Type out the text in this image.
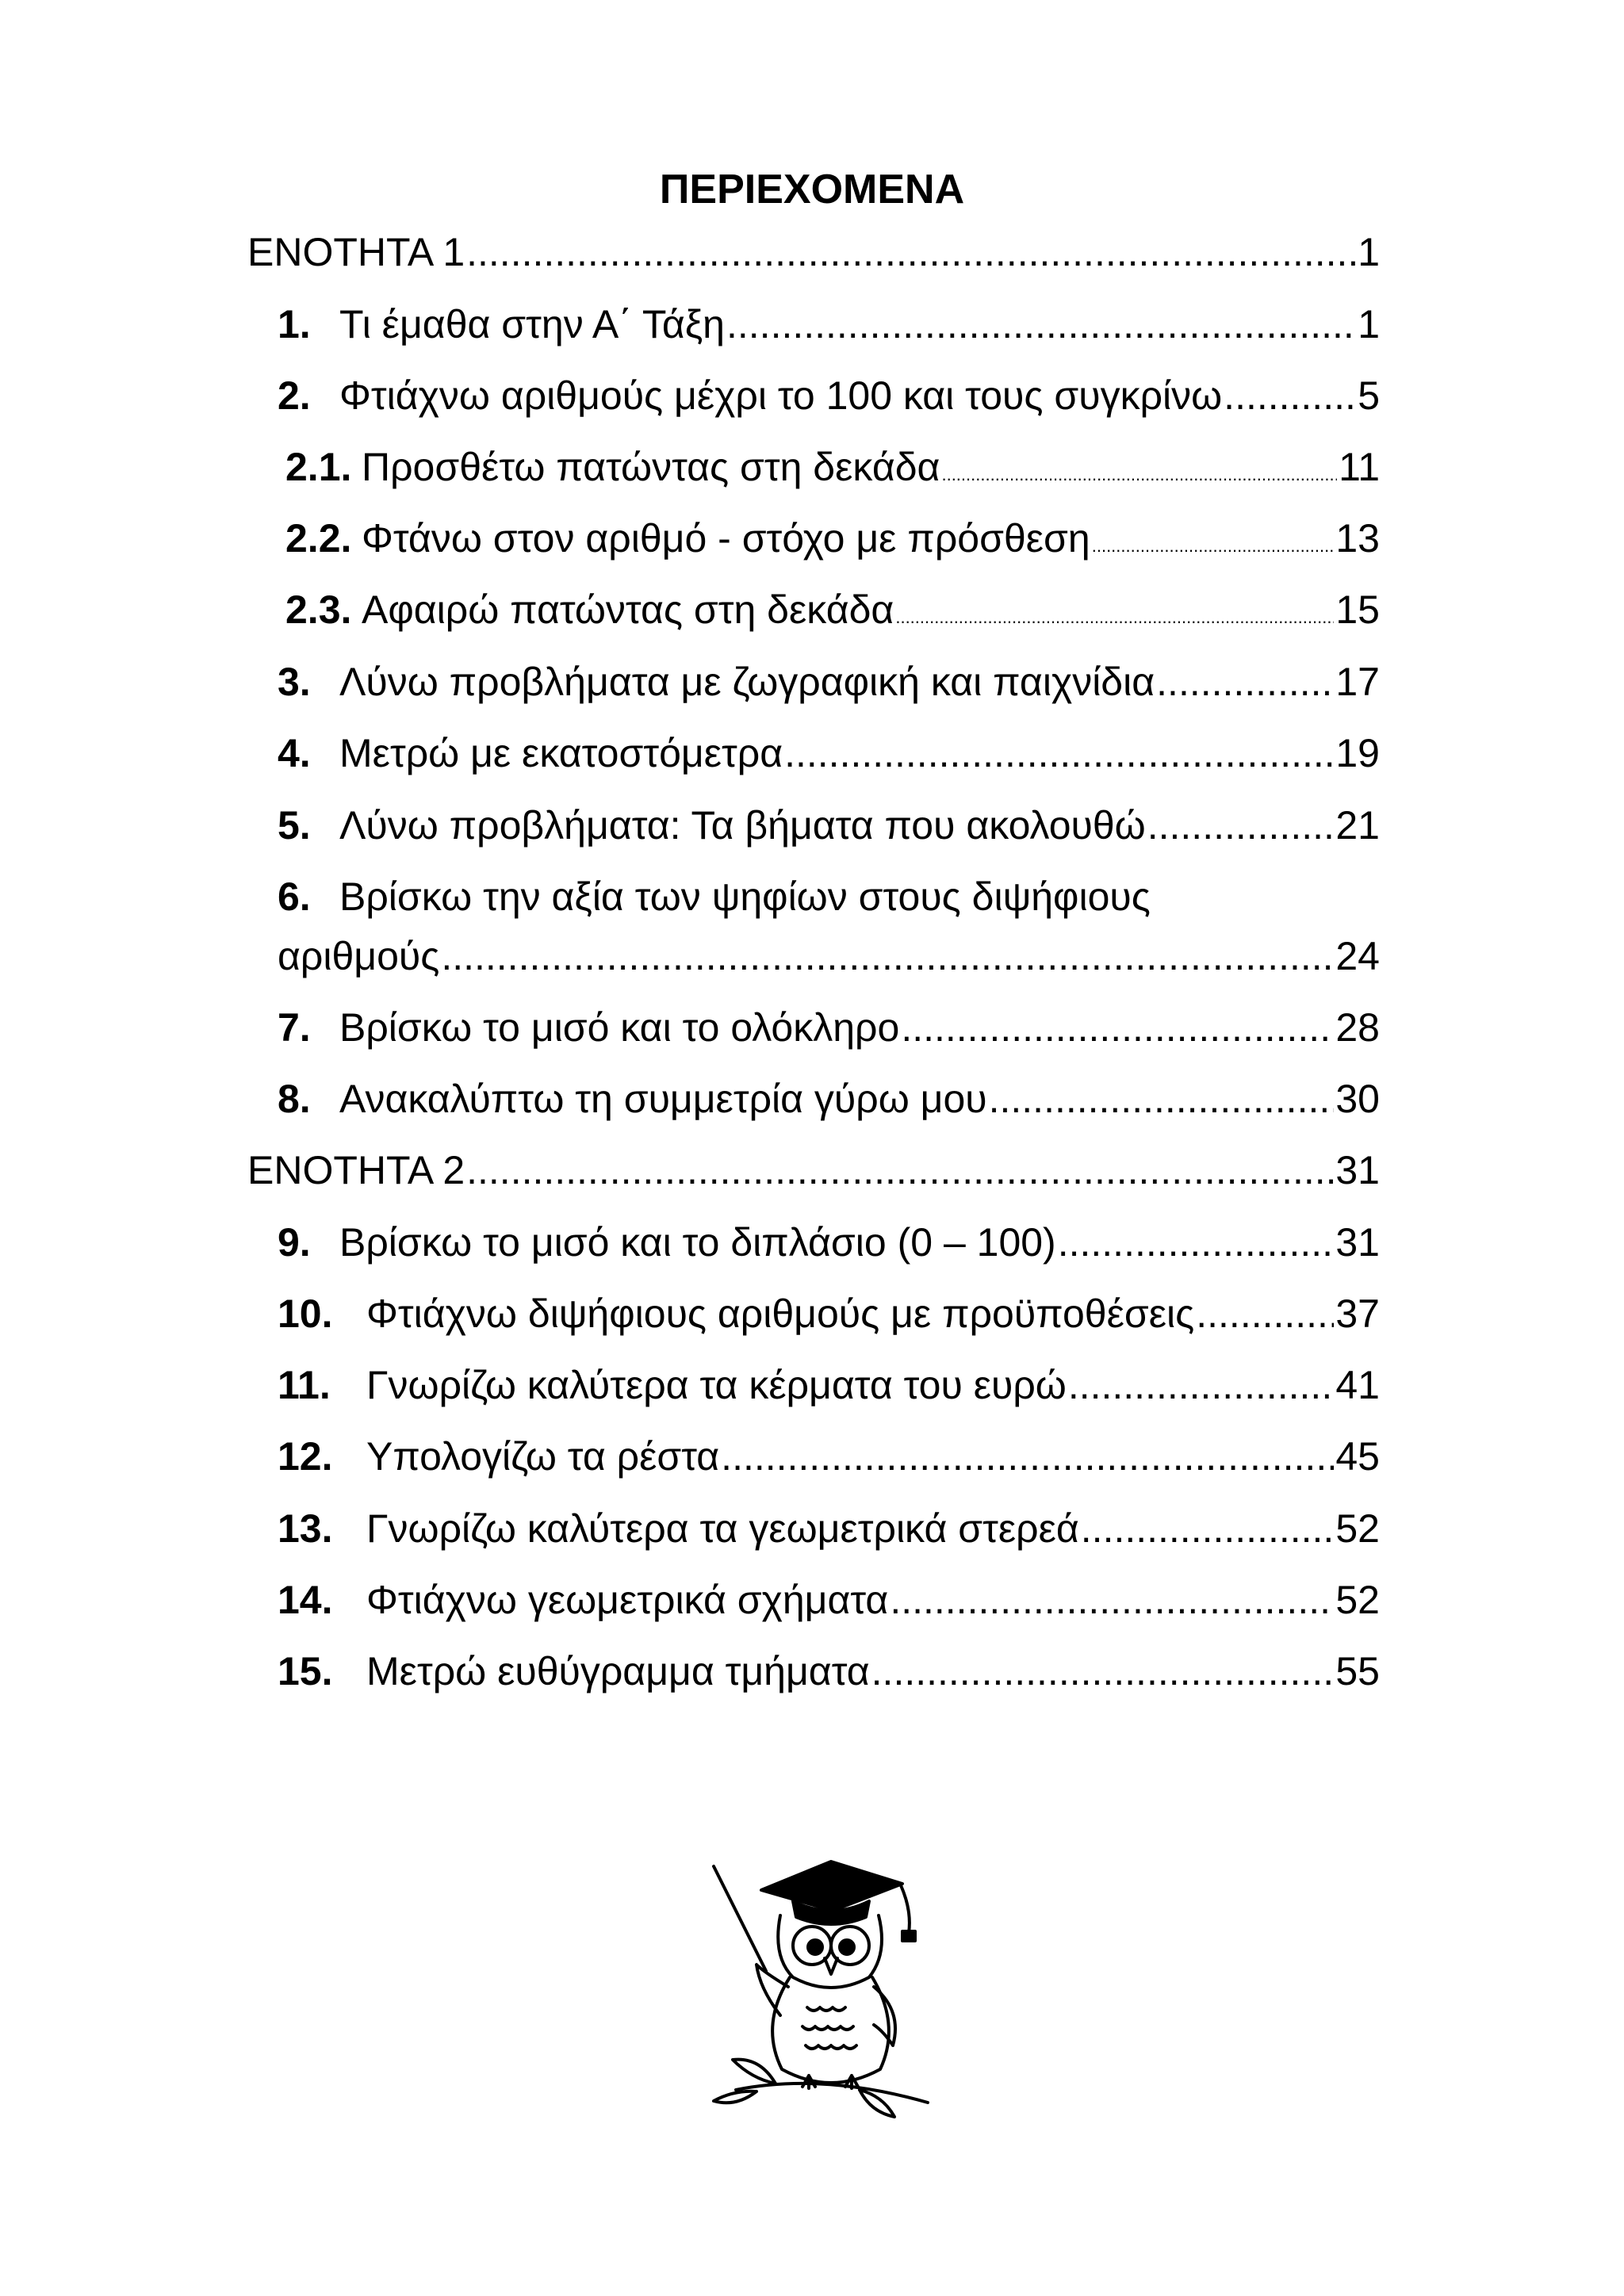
ΠΕΡΙΕΧΟΜΕΝΑ
ΕΝΟΤΗΤΑ 1 .....	1
1. Τι έμαθα στην Α΄ Τάξη .....	1
2. Φτιάχνω αριθμούς μέχρι το 100 και τους συγκρίνω .....	5
2.1. Προσθέτω πατώντας στη δεκάδα .....	11
2.2. Φτάνω στον αριθμό - στόχο με πρόσθεση .....	13
2.3. Αφαιρώ πατώντας στη δεκάδα .....	15
3. Λύνω προβλήματα με ζωγραφική και παιχνίδια .....	17
4. Μετρώ με εκατοστόμετρα .....	19
5. Λύνω προβλήματα: Τα βήματα που ακολουθώ .....	21
6. Βρίσκω την αξία των ψηφίων στους διψήφιους
αριθμούς .....	24
7. Βρίσκω το μισό και το ολόκληρο .....	28
8. Ανακαλύπτω τη συμμετρία γύρω μου .....	30
ΕΝΟΤΗΤΑ 2 .....	31
9. Βρίσκω το μισό και το διπλάσιο (0 – 100) .....	31
10. Φτιάχνω διψήφιους αριθμούς με προϋποθέσεις .....	37
11. Γνωρίζω καλύτερα τα κέρματα του ευρώ .....	41
12. Υπολογίζω τα ρέστα .....	45
13. Γνωρίζω καλύτερα τα γεωμετρικά στερεά .....	52
14. Φτιάχνω γεωμετρικά σχήματα .....	52
15. Μετρώ ευθύγραμμα τμήματα .....	55
